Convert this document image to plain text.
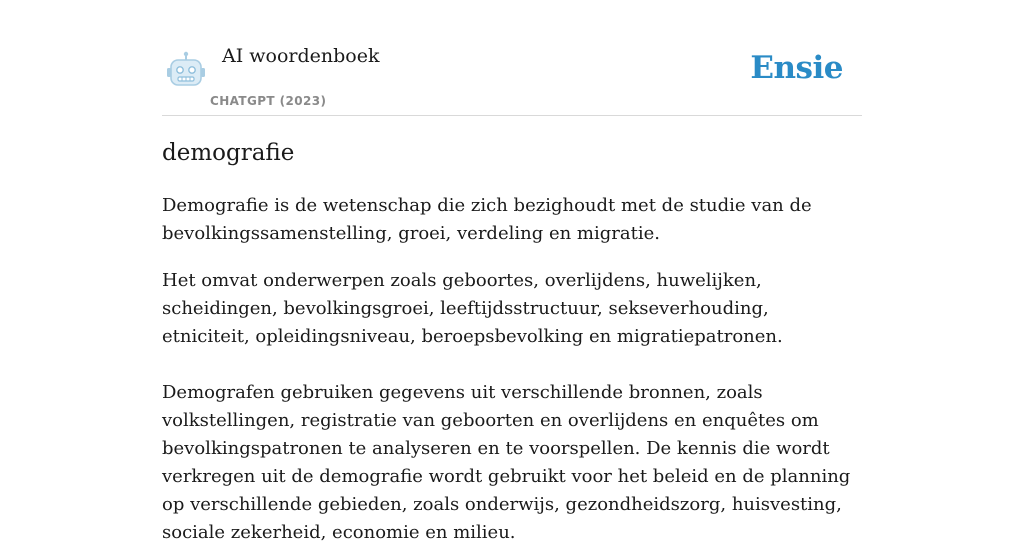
AI woordenboek
CHATGPT (2023)
Ensie
demografie

Demografie is de wetenschap die zich bezighoudt met de studie van de bevolkingssamenstelling, groei, verdeling en migratie.

Het omvat onderwerpen zoals geboortes, overlijdens, huwelijken, scheidingen, bevolkingsgroei, leeftijdsstructuur, sekseverhouding, etniciteit, opleidingsniveau, beroepsbevolking en migratiepatronen.

Demografen gebruiken gegevens uit verschillende bronnen, zoals volkstellingen, registratie van geboorten en overlijdens en enquêtes om bevolkingspatronen te analyseren en te voorspellen. De kennis die wordt verkregen uit de demografie wordt gebruikt voor het beleid en de planning op verschillende gebieden, zoals onderwijs, gezondheidszorg, huisvesting, sociale zekerheid, economie en milieu.
